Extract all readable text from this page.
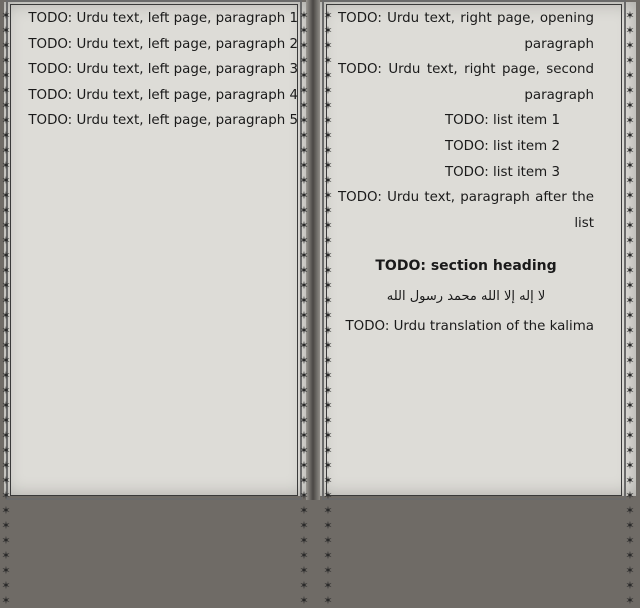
✶
✶
✶
✶
✶
✶
✶
✶
✶
✶
✶
✶
✶
✶
✶
✶
✶
✶
✶
✶
✶
✶
✶
✶
✶
✶
✶
✶
✶
✶
✶
✶
✶
✶
✶
✶
✶
✶
✶
✶
✶
✶
✶
✶
✶
✶
✶
✶
✶
✶
✶
✶
✶
✶
✶
✶
✶
✶
✶
✶
✶
✶
✶
✶
✶
✶
✶
✶
✶
✶
✶
✶
✶
✶
✶
✶
✶
✶
✶
✶
✶
✶
✶
✶
✶
✶
✶
✶
✶
✶
✶
✶
✶
✶
✶
✶
✶
✶
✶
✶
✶
✶
✶
✶
✶
✶
✶
✶
✶
✶
✶
✶
✶
✶
✶
✶
✶
✶
✶
✶
✶
✶
✶
✶
✶
✶
✶
✶
✶
✶
✶
✶
✶
✶
✶
✶
✶
✶
✶
✶
✶
✶
✶
✶
✶
✶
✶
✶
✶
✶
✶
✶
✶
✶
✶
✶
✶
✶
✶
✶

TODO: Urdu text, left page, paragraph 1

TODO: Urdu text, left page, paragraph 2

TODO: Urdu text, left page, paragraph 3

TODO: Urdu text, left page, paragraph 4

TODO: Urdu text, left page, paragraph 5

TODO: Urdu text, right page, opening paragraph

TODO: Urdu text, right page, second paragraph

TODO: list item 1

TODO: list item 2

TODO: list item 3

TODO: Urdu text, paragraph after the list

TODO: section heading

لا إله إلا الله محمد رسول الله

TODO: Urdu translation of the kalima
